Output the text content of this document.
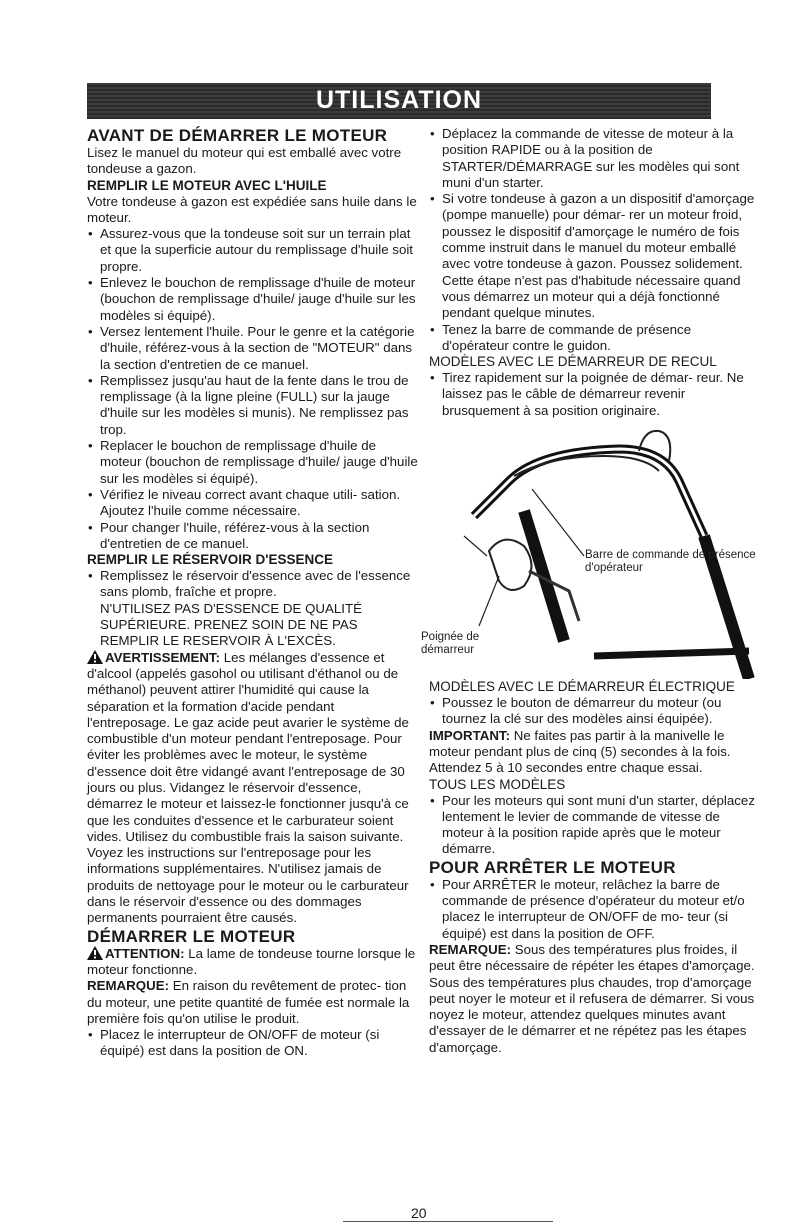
UTILISATION
AVANT DE DÉMARRER LE MOTEUR

Lisez le manuel du moteur qui est emballé avec votre tondeuse a gazon.

REMPLIR LE MOTEUR AVEC L'HUILE

Votre tondeuse à gazon est expédiée sans huile dans le moteur.

• Assurez-vous que la tondeuse soit sur un terrain plat et que la superficie autour du remplissage d'huile soit propre.
• Enlevez le bouchon de remplissage d'huile de moteur (bouchon de remplissage d'huile/ jauge d'huile sur les modèles si équipé).
• Versez lentement l'huile. Pour le genre et la catégorie d'huile, référez-vous à la section de "MOTEUR" dans la section d'entretien de ce manuel.
• Remplissez jusqu'au haut de la fente dans le trou de remplissage (à la ligne pleine (FULL) sur la jauge d'huile sur les modèles si munis). Ne remplissez pas trop.
• Replacer le bouchon de remplissage d'huile de moteur (bouchon de remplissage d'huile/ jauge d'huile sur les modèles si équipé).
• Vérifiez le niveau correct avant chaque utili- sation. Ajoutez l'huile comme nécessaire.
• Pour changer l'huile, référez-vous à la section d'entretien de ce manuel.
REMPLIR LE RÉSERVOIR D'ESSENCE
• Remplissez le réservoir d'essence avec de l'essence sans plomb, fraîche et propre.

N'UTILISEZ PAS D'ESSENCE DE QUALITÉ SUPÉRIEURE. PRENEZ SOIN DE NE PAS REMPLIR LE RESERVOIR À L'EXCÈS.

AVERTISSEMENT: Les mélanges d'essence et d'alcool (appelés gasohol ou utilisant d'éthanol ou de méthanol) peuvent attirer l'humidité qui cause la séparation et la formation d'acide pendant l'entreposage. Le gaz acide peut avarier le système de combustible d'un moteur pendant l'entreposage. Pour éviter les problèmes avec le moteur, le système d'essence doit être vidangé avant l'entreposage de 30 jours ou plus. Vidangez le réservoir d'essence, démarrez le moteur et laissez-le fonctionner jusqu'à ce que les conduites d'essence et le carburateur soient vides. Utilisez du combustible frais la saison suivante. Voyez les instructions sur l'entreposage pour les informations supplémentaires. N'utilisez jamais de produits de nettoyage pour le moteur ou le carburateur dans le réservoir d'essence ou des dommages permanents pourraient être causés.

DÉMARRER LE MOTEUR

ATTENTION: La lame de tondeuse tourne lorsque le moteur fonctionne.

REMARQUE: En raison du revêtement de protec- tion du moteur, une petite quantité de fumée est normale la première fois qu'on utilise le produit.

• Placez le interrupteur de ON/OFF de moteur (si équipé) est dans la position de ON.
• Déplacez la commande de vitesse de moteur à la position RAPIDE ou à la position de STARTER/DÉMARRAGE sur les modèles qui sont muni d'un starter.
• Si votre tondeuse à gazon a un dispositif d'amorçage (pompe manuelle) pour démar- rer un moteur froid, poussez le dispositif d'amorçage le numéro de fois comme instruit dans le manuel du moteur emballé avec votre tondeuse à gazon. Poussez solidement. Cette étape n'est pas d'habitude nécessaire quand vous démarrez un moteur qui a déjà fonctionné pendant quelque minutes.
• Tenez la barre de commande de présence d'opérateur contre le guidon.
MODÈLES AVEC LE DÉMARREUR DE RECUL
• Tirez rapidement sur la poignée de démar- reur. Ne laissez pas le câble de démarreur revenir brusquement à sa position originaire.
Barre de commande de présence d'opérateur
Poignée de démarreur
MODÈLES AVEC LE DÉMARREUR ÉLECTRIQUE
• Poussez le bouton de démarreur du moteur (ou tournez la clé sur des modèles ainsi équipée).

IMPORTANT: Ne faites pas partir à la manivelle le moteur pendant plus de cinq (5) secondes à la fois. Attendez 5 à 10 secondes entre chaque essai.

TOUS LES MODÈLES
• Pour les moteurs qui sont muni d'un starter, déplacez lentement le levier de commande de vitesse de moteur à la position rapide après que le moteur démarre.
POUR ARRÊTER LE MOTEUR
• Pour ARRÊTER le moteur, relâchez la barre de commande de présence d'opérateur du moteur et/o placez le interrupteur de ON/OFF de mo- teur (si équipé) est dans la position de OFF.

REMARQUE: Sous des températures plus froides, il peut être nécessaire de répéter les étapes d'amorçage. Sous des températures plus chaudes, trop d'amorçage peut noyer le moteur et il refusera de démarrer. Si vous noyez le moteur, attendez quelques minutes avant d'essayer de le démarrer et ne répétez pas les étapes d'amorçage.

20
